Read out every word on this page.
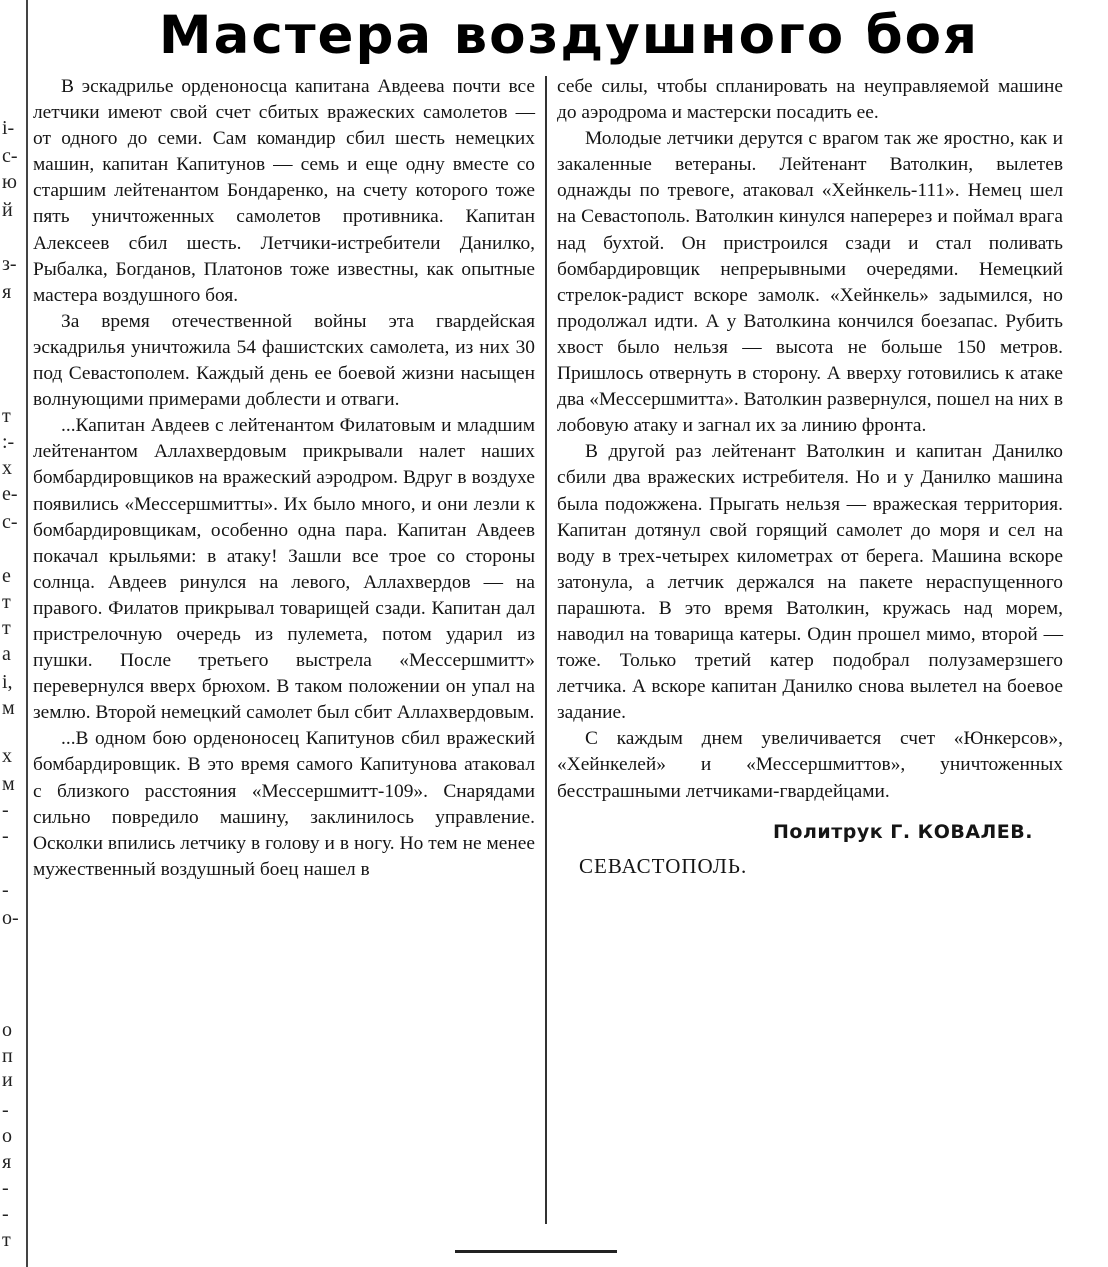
і-
с-
ю
й
з-
я
т
:-
х
е-
с-
е
т
т
а
і,
м
х
м
-
-
-
о-
о
п
и
-
о
я
-
-
т
Мастера воздушного боя

В эскадрилье орденоносца капитана Авдеева почти все летчики имеют свой счет сбитых вражеских самолетов — от одного до семи. Сам командир сбил шесть немецких машин, капитан Капитунов — семь и еще одну вместе со старшим лейтенантом Бондаренко, на счету которого тоже пять уничтоженных самолетов противника. Капитан Алексеев сбил шесть. Летчики-истребители Данилко, Рыбалка, Богданов, Платонов тоже известны, как опытные мастера воздушного боя.

За время отечественной войны эта гвардейская эскадрилья уничтожила 54 фашистских самолета, из них 30 под Севастополем. Каждый день ее боевой жизни насыщен волнующими примерами доблести и отваги.

...Капитан Авдеев с лейтенантом Филатовым и младшим лейтенантом Аллахвердовым прикрывали налет наших бомбардировщиков на вражеский аэродром. Вдруг в воздухе появились «Мессершмитты». Их было много, и они лезли к бомбардировщикам, особенно одна пара. Капитан Авдеев покачал крыльями: в атаку! Зашли все трое со стороны солнца. Авдеев ринулся на левого, Аллахвердов — на правого. Филатов прикрывал товарищей сзади. Капитан дал пристрелочную очередь из пулемета, потом ударил из пушки. После третьего выстрела «Мессершмитт» перевернулся вверх брюхом. В таком положении он упал на землю. Второй немецкий самолет был сбит Аллахвердовым.

...В одном бою орденоносец Капитунов сбил вражеский бомбардировщик. В это время самого Капитунова атаковал с близкого расстояния «Мессершмитт-109». Снарядами сильно повредило машину, заклинилось управление. Осколки впились летчику в голову и в ногу. Но тем не менее мужественный воздушный боец нашел в

себе силы, чтобы спланировать на неуправляемой машине до аэродрома и мастерски посадить ее.

Молодые летчики дерутся с врагом так же яростно, как и закаленные ветераны. Лейтенант Ватолкин, вылетев однажды по тревоге, атаковал «Хейнкель-111». Немец шел на Севастополь. Ватолкин кинулся наперерез и поймал врага над бухтой. Он пристроился сзади и стал поливать бомбардировщик непрерывными очередями. Немецкий стрелок-радист вскоре замолк. «Хейнкель» задымился, но продолжал идти. А у Ватолкина кончился боезапас. Рубить хвост было нельзя — высота не больше 150 метров. Пришлось отвернуть в сторону. А вверху готовились к атаке два «Мессершмитта». Ватолкин развернулся, пошел на них в лобовую атаку и загнал их за линию фронта.

В другой раз лейтенант Ватолкин и капитан Данилко сбили два вражеских истребителя. Но и у Данилко машина была подожжена. Прыгать нельзя — вражеская территория. Капитан дотянул свой горящий самолет до моря и сел на воду в трех-четырех километрах от берега. Машина вскоре затонула, а летчик держался на пакете нераспущенного парашюта. В это время Ватолкин, кружась над морем, наводил на товарища катеры. Один прошел мимо, второй — тоже. Только третий катер подобрал полузамерзшего летчика. А вскоре капитан Данилко снова вылетел на боевое задание.

С каждым днем увеличивается счет «Юнкерсов», «Хейнкелей» и «Мессершмиттов», уничтоженных бесстрашными летчиками-гвардейцами.

Политрук Г. КОВАЛЕВ.
СЕВАСТОПОЛЬ.
